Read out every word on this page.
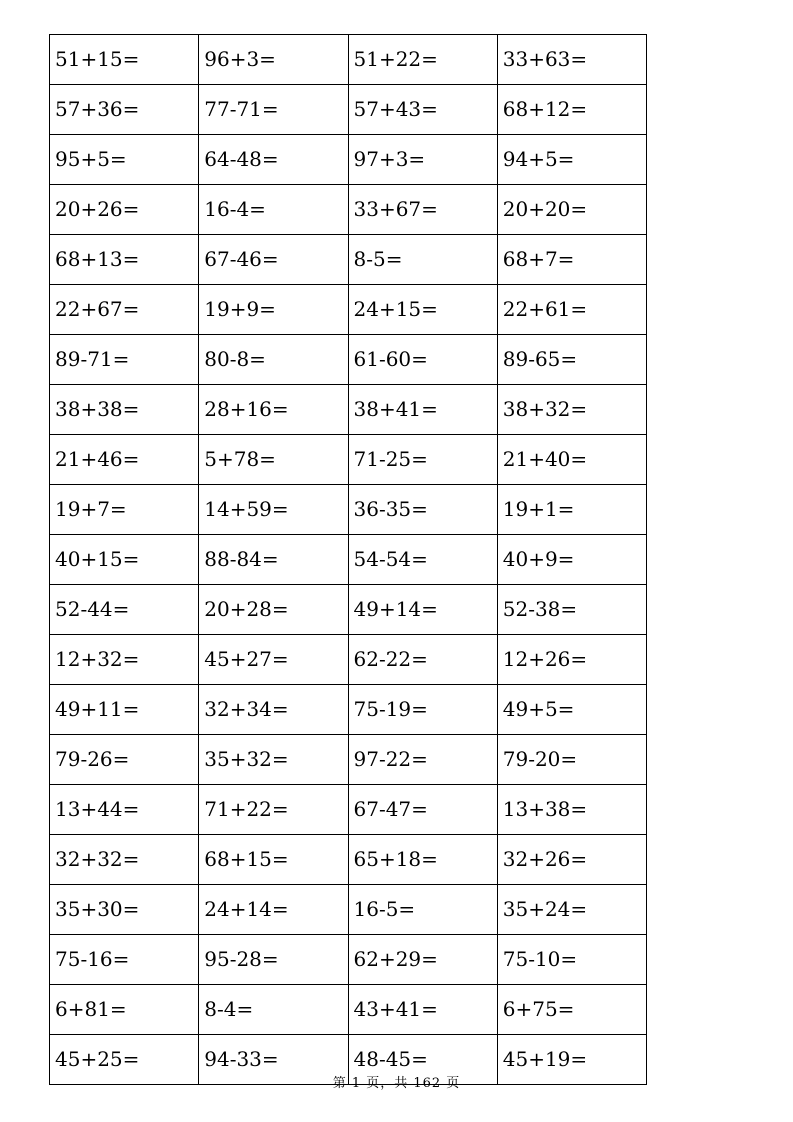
51+15=	96+3=	51+22=	33+63=
57+36=	77-71=	57+43=	68+12=
95+5=	64-48=	97+3=	94+5=
20+26=	16-4=	33+67=	20+20=
68+13=	67-46=	8-5=	68+7=
22+67=	19+9=	24+15=	22+61=
89-71=	80-8=	61-60=	89-65=
38+38=	28+16=	38+41=	38+32=
21+46=	5+78=	71-25=	21+40=
19+7=	14+59=	36-35=	19+1=
40+15=	88-84=	54-54=	40+9=
52-44=	20+28=	49+14=	52-38=
12+32=	45+27=	62-22=	12+26=
49+11=	32+34=	75-19=	49+5=
79-26=	35+32=	97-22=	79-20=
13+44=	71+22=	67-47=	13+38=
32+32=	68+15=	65+18=	32+26=
35+30=	24+14=	16-5=	35+24=
75-16=	95-28=	62+29=	75-10=
6+81=	8-4=	43+41=	6+75=
45+25=	94-33=	48-45=	45+19=
第 1 页，共 162 页
